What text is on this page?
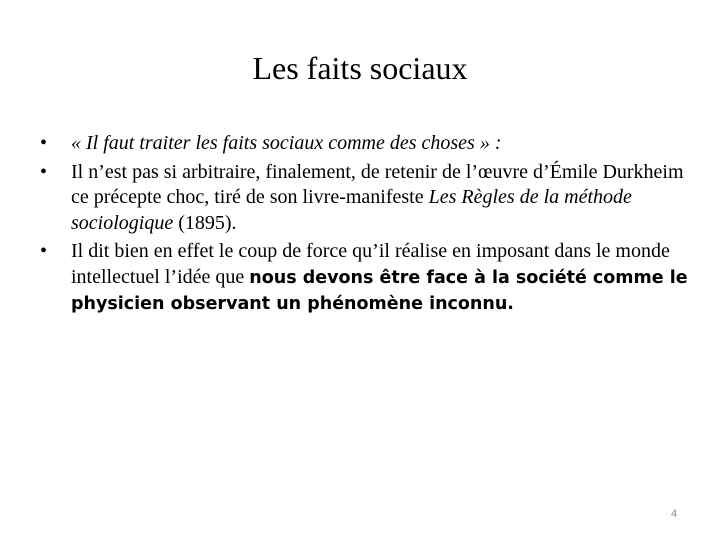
Les faits sociaux
•	« Il faut traiter les faits sociaux comme des choses » :
•	Il n’est pas si arbitraire, finalement, de retenir de l’œuvre d’Émile Durkheim ce précepte choc, tiré de son livre-manifeste Les Règles de la méthode sociologique (1895).
•	Il dit bien en effet le coup de force qu’il réalise en imposant dans le monde intellectuel l’idée que nous devons être face à la société comme le physicien observant un phénomène inconnu.
4
